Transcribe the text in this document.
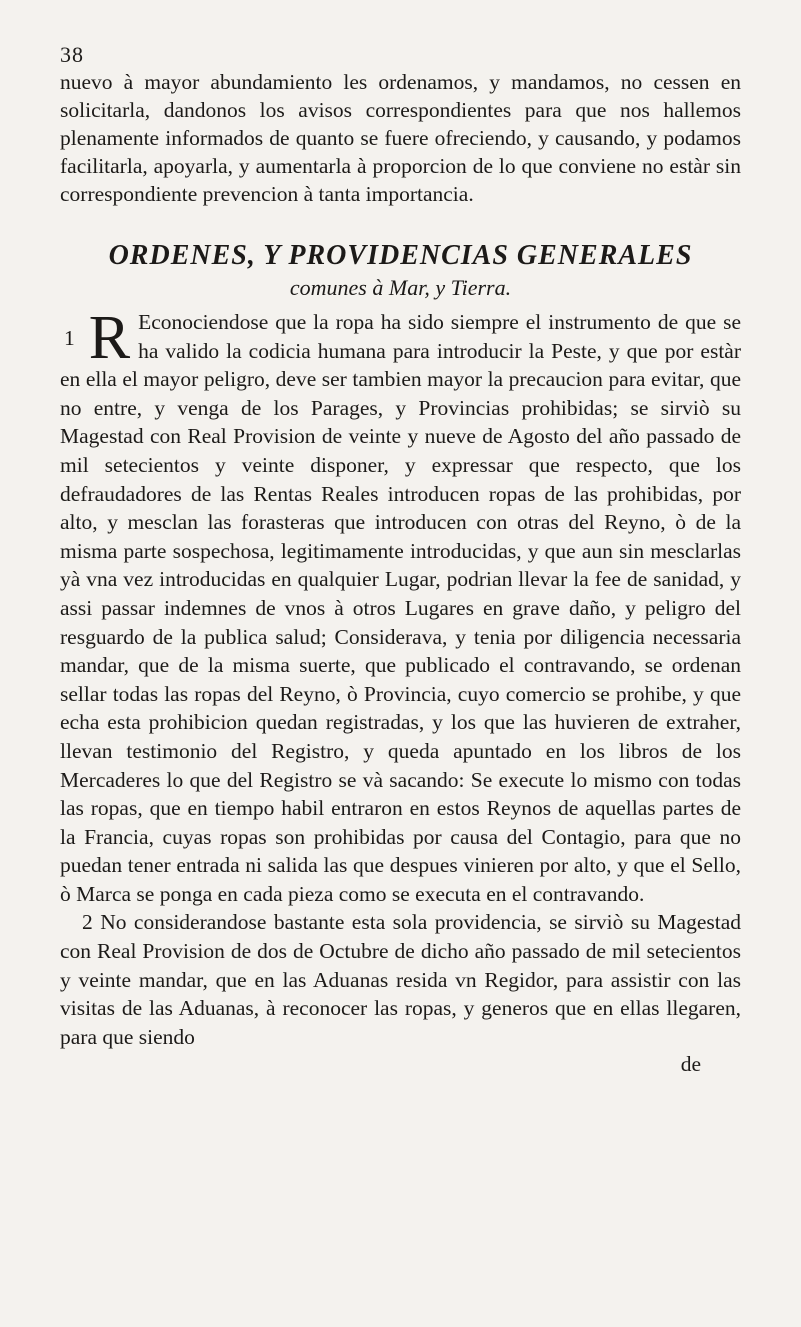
38
nuevo à mayor abundamiento les ordenamos, y mandamos, no cessen en solicitarla, dandonos los avisos correspondientes para que nos hallemos plenamente informados de quanto se fuere ofreciendo, y causando, y podamos facilitarla, apoyarla, y aumentarla à proporcion de lo que conviene no estàr sin correspondiente prevencion à tanta importancia.
ORDENES, Y PROVIDENCIAS GENERALES
comunes à Mar, y Tierra.
$^1$ R Econociendose que la ropa ha sido siempre el instrumento de que se ha valido la codicia humana para introducir la Peste, y que por estàr en ella el mayor peligro, deve ser tambien mayor la precaucion para evitar, que no entre, y venga de los Parages, y Provincias prohibidas; se sirviò su Magestad con Real Provision de veinte y nueve de Agosto del año passado de mil setecientos y veinte disponer, y expressar que respecto, que los defraudadores de las Rentas Reales introducen ropas de las prohibidas, por alto, y mesclan las forasteras que introducen con otras del Reyno, ò de la misma parte sospechosa, legitimamente introducidas, y que aun sin mesclarlas yà vna vez introducidas en qualquier Lugar, podrian llevar la fee de sanidad, y assi passar indemnes de vnos à otros Lugares en grave daño, y peligro del resguardo de la publica salud; Considerava, y tenia por diligencia necessaria mandar, que de la misma suerte, que publicado el contravando, se ordenan sellar todas las ropas del Reyno, ò Provincia, cuyo comercio se prohibe, y que echa esta prohibicion quedan registradas, y los que las huvieren de extraher, llevan testimonio del Registro, y queda apuntado en los libros de los Mercaderes lo que del Registro se và sacando: Se execute lo mismo con todas las ropas, que en tiempo habil entraron en estos Reynos de aquellas partes de la Francia, cuyas ropas son prohibidas por causa del Contagio, para que no puedan tener entrada ni salida las que despues vinieren por alto, y que el Sello, ò Marca se ponga en cada pieza como se executa en el contravando.
2 No considerandose bastante esta sola providencia, se sirviò su Magestad con Real Provision de dos de Octubre de dicho año passado de mil setecientos y veinte mandar, que en las Aduanas resida vn Regidor, para assistir con las visitas de las Aduanas, à reconocer las ropas, y generos que en ellas llegaren, para que siendo
de
